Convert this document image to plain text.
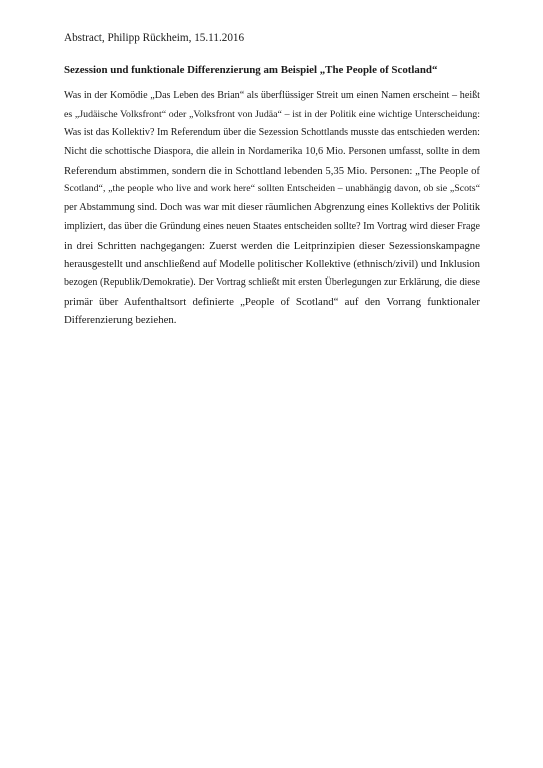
Abstract, Philipp Rückheim, 15.11.2016
Sezession und funktionale Differenzierung am Beispiel „The People of Scotland“
Was in der Komödie „Das Leben des Brian“ als überflüssiger Streit um einen Namen erscheint – heißt
es „Judäische Volksfront“ oder „Volksfront von Judäa“ – ist in der Politik eine wichtige Unterscheidung:
Was ist das Kollektiv? Im Referendum über die Sezession Schottlands musste das entschieden werden:
Nicht die schottische Diaspora, die allein in Nordamerika 10,6 Mio. Personen umfasst, sollte in dem
Referendum abstimmen, sondern die in Schottland lebenden 5,35 Mio. Personen: „The People of
Scotland“, „the people who live and work here“ sollten Entscheiden – unabhängig davon, ob sie „Scots“
per Abstammung sind. Doch was war mit dieser räumlichen Abgrenzung eines Kollektivs der Politik
impliziert, das über die Gründung eines neuen Staates entscheiden sollte? Im Vortrag wird dieser Frage
in drei Schritten nachgegangen: Zuerst werden die Leitprinzipien dieser Sezessionskampagne
herausgestellt und anschließend auf Modelle politischer Kollektive (ethnisch/zivil) und Inklusion
bezogen (Republik/Demokratie). Der Vortrag schließt mit ersten Überlegungen zur Erklärung, die diese
primär über Aufenthaltsort definierte „People of Scotland“ auf den Vorrang funktionaler
Differenzierung beziehen.
